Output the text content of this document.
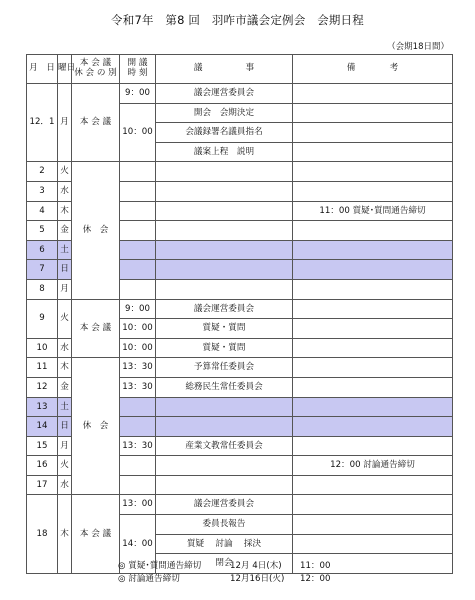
令和7年　第8 回　羽咋市議会定例会　会期日程
（会期18日間）
月　日	曜日	本 会 議
休 会 の 別	開 議
時 刻	議　　　　　事	備　　　　考
12．1	月	本 会 議	9：00	議会運営委員会	
			10：00	開会　会期決定	
				会議録署名議員指名	
				議案上程　説明	
2	火	休　会			
3	水				
4	木				11：00 質疑･質問通告締切
5	金				
6	土				
7	日				
8	月				
9	火	本 会 議	9：00	議会運営委員会	
			10：00	質疑・質問	
10	水		10：00	質疑・質問	
11	木	休　会	13：30	予算常任委員会	
12	金		13：30	総務民生常任委員会	
13	土				
14	日				
15	月		13：30	産業文教常任委員会	
16	火				12：00 討論通告締切
17	水				
18	木	本 会 議	13：00	議会運営委員会	
			14：00	委員長報告	
				質疑　 討論　 採決	
				閉会	
◎ 質疑･質問通告締切	12月 4日(木) 11：00
◎ 討論通告締切	12月16日(火) 12：00
